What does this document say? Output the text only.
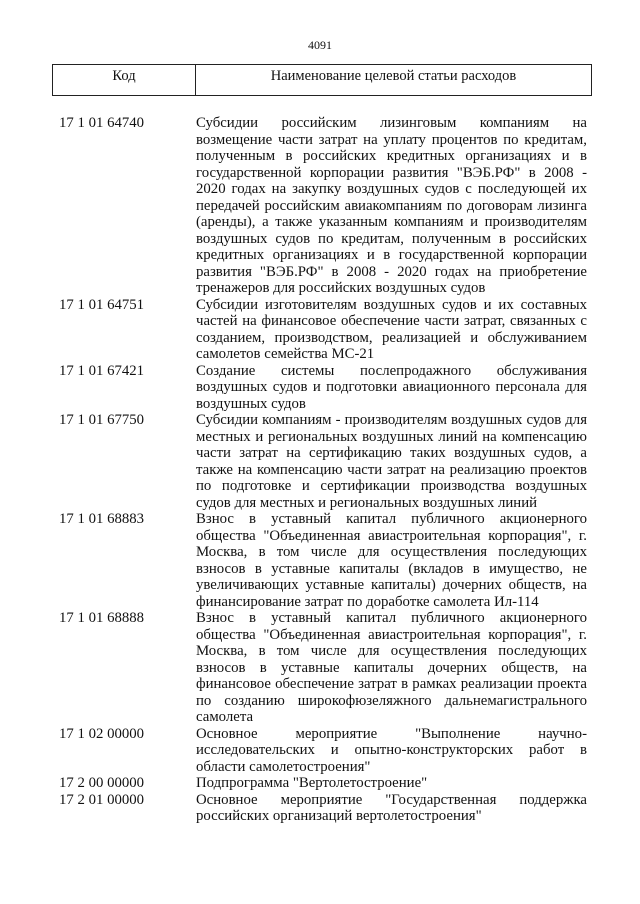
4091
Код	Наименование целевой статьи расходов
17 1 01 64740	Субсидии российским лизинговым компаниям на возмещение части затрат на уплату процентов по кредитам, полученным в российских кредитных организациях и в государственной корпорации развития "ВЭБ.РФ" в 2008 - 2020 годах на закупку воздушных судов с последующей их передачей российским авиакомпаниям по договорам лизинга (аренды), а также указанным компаниям и производителям воздушных судов по кредитам, полученным в российских кредитных организациях и в государственной корпорации развития "ВЭБ.РФ" в 2008 - 2020 годах на приобретение тренажеров для российских воздушных судов
17 1 01 64751	Субсидии изготовителям воздушных судов и их составных частей на финансовое обеспечение части затрат, связанных с созданием, производством, реализацией и обслуживанием самолетов семейства МС-21
17 1 01 67421	Создание системы послепродажного обслуживания воздушных судов и подготовки авиационного персонала для воздушных судов
17 1 01 67750	Субсидии компаниям - производителям воздушных судов для местных и региональных воздушных линий на компенсацию части затрат на сертификацию таких воздушных судов, а также на компенсацию части затрат на реализацию проектов по подготовке и сертификации производства воздушных судов для местных и региональных воздушных линий
17 1 01 68883	Взнос в уставный капитал публичного акционерного общества "Объединенная авиастроительная корпорация", г. Москва, в том числе для осуществления последующих взносов в уставные капиталы (вкладов в имущество, не увеличивающих уставные капиталы) дочерних обществ, на финансирование затрат по доработке самолета Ил-114
17 1 01 68888	Взнос в уставный капитал публичного акционерного общества "Объединенная авиастроительная корпорация", г. Москва, в том числе для осуществления последующих взносов в уставные капиталы дочерних обществ, на финансовое обеспечение затрат в рамках реализации проекта по созданию широкофюзеляжного дальнемагистрального самолета
17 1 02 00000	Основное мероприятие "Выполнение научно-исследовательских и опытно-конструкторских работ в области самолетостроения"
17 2 00 00000	Подпрограмма "Вертолетостроение"
17 2 01 00000	Основное мероприятие "Государственная поддержка российских организаций вертолетостроения"
